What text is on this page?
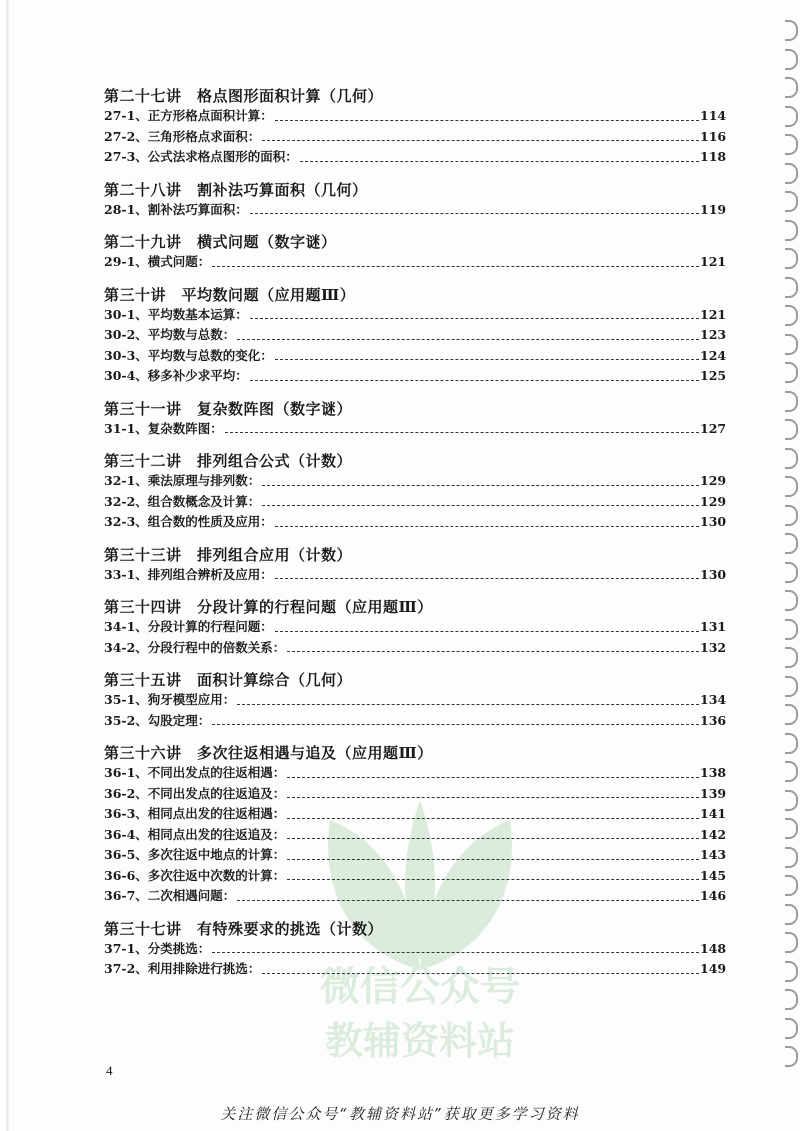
微信公众号
教辅资料站
第二十七讲　格点图形面积计算（几何）
27-1、正方形格点面积计算：	114
27-2、三角形格点求面积：	116
27-3、公式法求格点图形的面积：	118
第二十八讲　割补法巧算面积（几何）
28-1、割补法巧算面积：	119
第二十九讲　横式问题（数字谜）
29-1、横式问题：	121
第三十讲　平均数问题（应用题Ⅲ）
30-1、平均数基本运算：	121
30-2、平均数与总数：	123
30-3、平均数与总数的变化：	124
30-4、移多补少求平均：	125
第三十一讲　复杂数阵图（数字谜）
31-1、复杂数阵图：	127
第三十二讲　排列组合公式（计数）
32-1、乘法原理与排列数：	129
32-2、组合数概念及计算：	129
32-3、组合数的性质及应用：	130
第三十三讲　排列组合应用（计数）
33-1、排列组合辨析及应用：	130
第三十四讲　分段计算的行程问题（应用题Ⅲ）
34-1、分段计算的行程问题：	131
34-2、分段行程中的倍数关系：	132
第三十五讲　面积计算综合（几何）
35-1、狗牙模型应用：	134
35-2、勾股定理：	136
第三十六讲　多次往返相遇与追及（应用题Ⅲ）
36-1、不同出发点的往返相遇：	138
36-2、不同出发点的往返追及：	139
36-3、相同点出发的往返相遇：	141
36-4、相同点出发的往返追及：	142
36-5、多次往返中地点的计算：	143
36-6、多次往返中次数的计算：	145
36-7、二次相遇问题：	146
第三十七讲　有特殊要求的挑选（计数）
37-1、分类挑选：	148
37-2、利用排除进行挑选：	149
4
关注微信公众号“教辅资料站”获取更多学习资料
